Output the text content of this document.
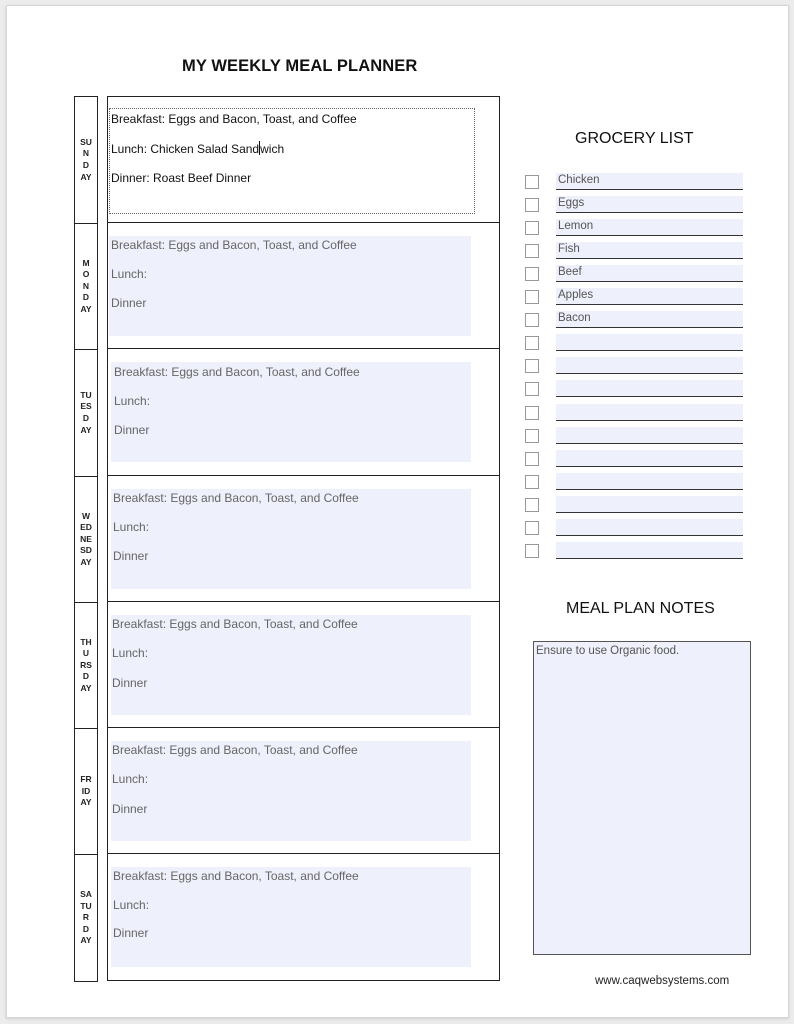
MY WEEKLY MEAL PLANNER
GROCERY LIST
Chicken
Eggs
Lemon
Fish
Beef
Apples
Bacon
MEAL PLAN NOTES
Ensure to use Organic food.
www.caqwebsystems.com
SUNDAY
Breakfast: Eggs and Bacon, Toast, and Coffee
Lunch: Chicken Salad Sandwich
Dinner: Roast Beef Dinner
MONDAY
Breakfast: Eggs and Bacon, Toast, and Coffee
Lunch:
Dinner
TUESDAY
Breakfast: Eggs and Bacon, Toast, and Coffee
Lunch:
Dinner
WEDNESDAY
Breakfast: Eggs and Bacon, Toast, and Coffee
Lunch:
Dinner
THURSDAY
Breakfast: Eggs and Bacon, Toast, and Coffee
Lunch:
Dinner
FRIDAY
Breakfast: Eggs and Bacon, Toast, and Coffee
Lunch:
Dinner
SATURDAY
Breakfast: Eggs and Bacon, Toast, and Coffee
Lunch:
Dinner
